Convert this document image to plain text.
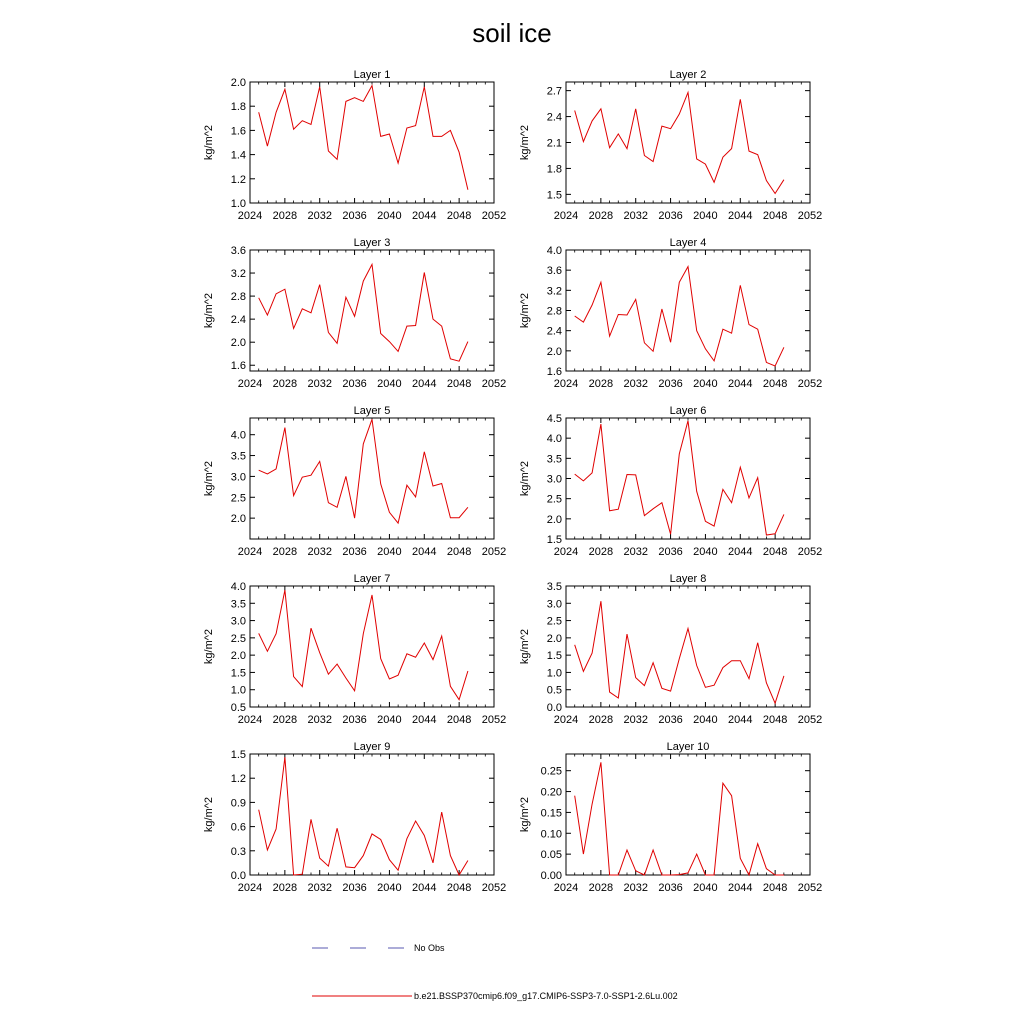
soil ice
Layer 1
kg/m^2
2024 2028 2032 2036 2040 2044 2048 2052
1.0
1.2
1.4
1.6
1.8
2.0
Layer 2
kg/m^2
2024 2028 2032 2036 2040 2044 2048 2052
1.5
1.8
2.1
2.4
2.7
Layer 3
kg/m^2
2024 2028 2032 2036 2040 2044 2048 2052
1.6
2.0
2.4
2.8
3.2
3.6
Layer 4
kg/m^2
2024 2028 2032 2036 2040 2044 2048 2052
1.6
2.0
2.4
2.8
3.2
3.6
4.0
Layer 5
kg/m^2
2024 2028 2032 2036 2040 2044 2048 2052
2.0
2.5
3.0
3.5
4.0
Layer 6
kg/m^2
2024 2028 2032 2036 2040 2044 2048 2052
1.5
2.0
2.5
3.0
3.5
4.0
4.5
Layer 7
kg/m^2
2024 2028 2032 2036 2040 2044 2048 2052
0.5
1.0
1.5
2.0
2.5
3.0
3.5
4.0
Layer 8
kg/m^2
2024 2028 2032 2036 2040 2044 2048 2052
0.0
0.5
1.0
1.5
2.0
2.5
3.0
3.5
Layer 9
kg/m^2
2024 2028 2032 2036 2040 2044 2048 2052
0.0
0.3
0.6
0.9
1.2
1.5
Layer 10
kg/m^2
2024 2028 2032 2036 2040 2044 2048 2052
0.00
0.05
0.10
0.15
0.20
0.25
No Obs
b.e21.BSSP370cmip6.f09_g17.CMIP6-SSP3-7.0-SSP1-2.6Lu.002
